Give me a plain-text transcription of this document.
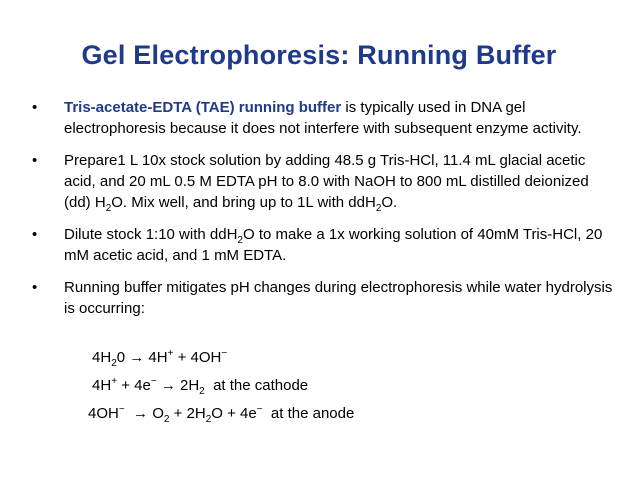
Gel Electrophoresis: Running Buffer
• Tris-acetate-EDTA (TAE) running buffer is typically used in DNA gel electrophoresis because it does not interfere with subsequent enzyme activity.
• Prepare1 L 10x stock solution by adding 48.5 g Tris-HCl, 11.4 mL glacial acetic acid, and 20 mL 0.5 M EDTA pH to 8.0 with NaOH to 800 mL distilled deionized (dd) $H_2O$. Mix well, and bring up to 1L with ddH$_2$O.
• Dilute stock 1:10 with ddH$_2$O to make a 1x working solution of 40mM Tris-HCl, 20 mM acetic acid, and 1 mM EDTA.
• Running buffer mitigates pH changes during electrophoresis while water hydrolysis is occurring:
$4H_20 \to 4H^+ + 4OH^-$
$4H^+ + 4e^- \to 2H_2$  at the cathode
$4OH^- \to O_2 + 2H_2O + 4e^-$  at the anode
